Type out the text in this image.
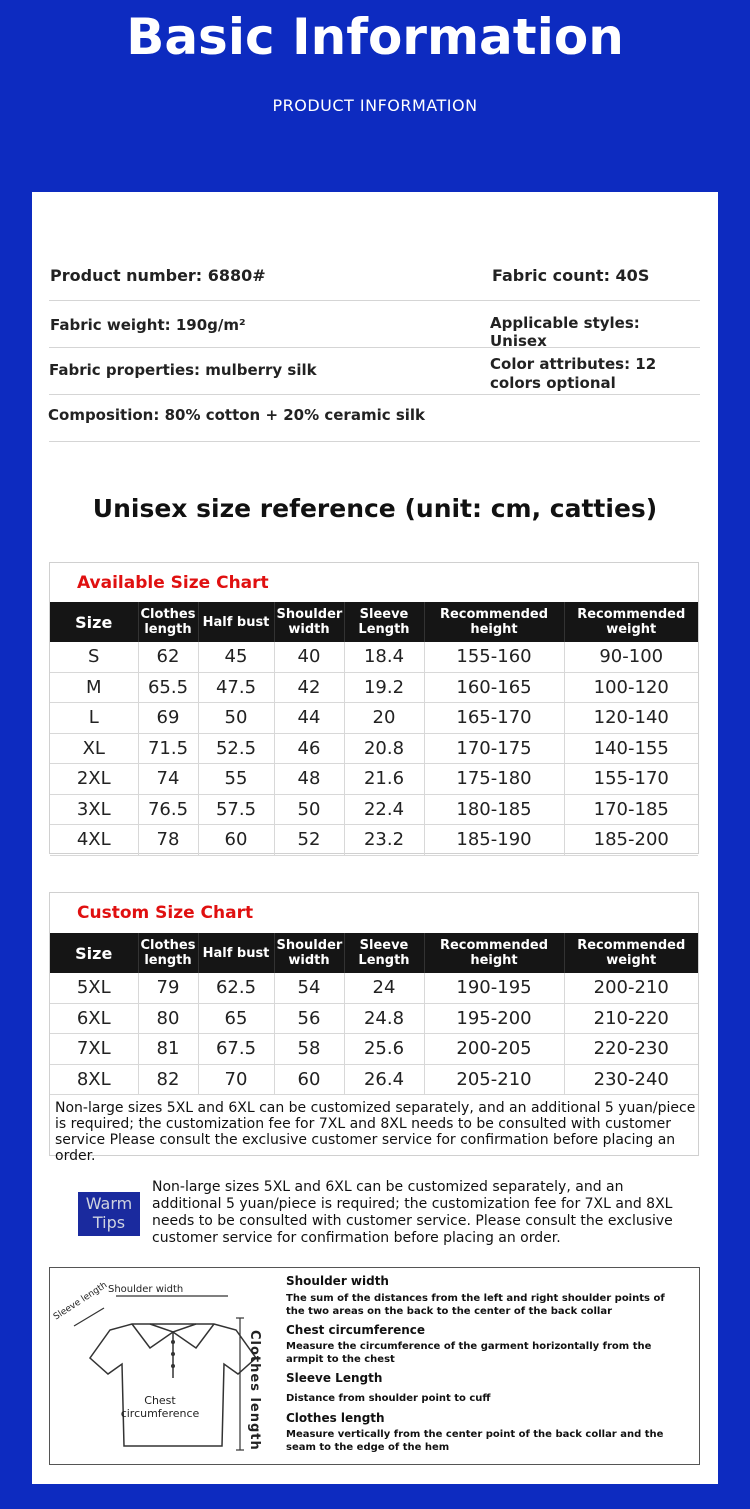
Basic Information
PRODUCT INFORMATION
Product number: 6880#	Fabric count: 40S
Fabric weight: 190g/m²	Applicable styles: Unisex
Fabric properties: mulberry silk	Color attributes: 12 colors optional
Composition: 80% cotton + 20% ceramic silk
Unisex size reference (unit: cm, catties)
Available Size Chart
Size	Clothes length	Half bust	Shoulder width	Sleeve Length	Recommended height	Recommended weight
S	62	45	40	18.4	155-160	90-100
M	65.5	47.5	42	19.2	160-165	100-120
L	69	50	44	20	165-170	120-140
XL	71.5	52.5	46	20.8	170-175	140-155
2XL	74	55	48	21.6	175-180	155-170
3XL	76.5	57.5	50	22.4	180-185	170-185
4XL	78	60	52	23.2	185-190	185-200
Custom Size Chart
Size	Clothes length	Half bust	Shoulder width	Sleeve Length	Recommended height	Recommended weight
5XL	79	62.5	54	24	190-195	200-210
6XL	80	65	56	24.8	195-200	210-220
7XL	81	67.5	58	25.6	200-205	220-230
8XL	82	70	60	26.4	205-210	230-240
Non-large sizes 5XL and 6XL can be customized separately, and an additional 5 yuan/piece is required; the customization fee for 7XL and 8XL needs to be consulted with customer service Please consult the exclusive customer service for confirmation before placing an order.
Warm Tips
Non-large sizes 5XL and 6XL can be customized separately, and an additional 5 yuan/piece is required; the customization fee for 7XL and 8XL needs to be consulted with customer service. Please consult the exclusive customer service for confirmation before placing an order.
Shoulder width
Sleeve length
Chest circumference	Clothes length
Shoulder width
The sum of the distances from the left and right shoulder points of the two areas on the back to the center of the back collar
Chest circumference
Measure the circumference of the garment horizontally from the armpit to the chest
Sleeve Length
Distance from shoulder point to cuff
Clothes length
Measure vertically from the center point of the back collar and the seam to the edge of the hem
